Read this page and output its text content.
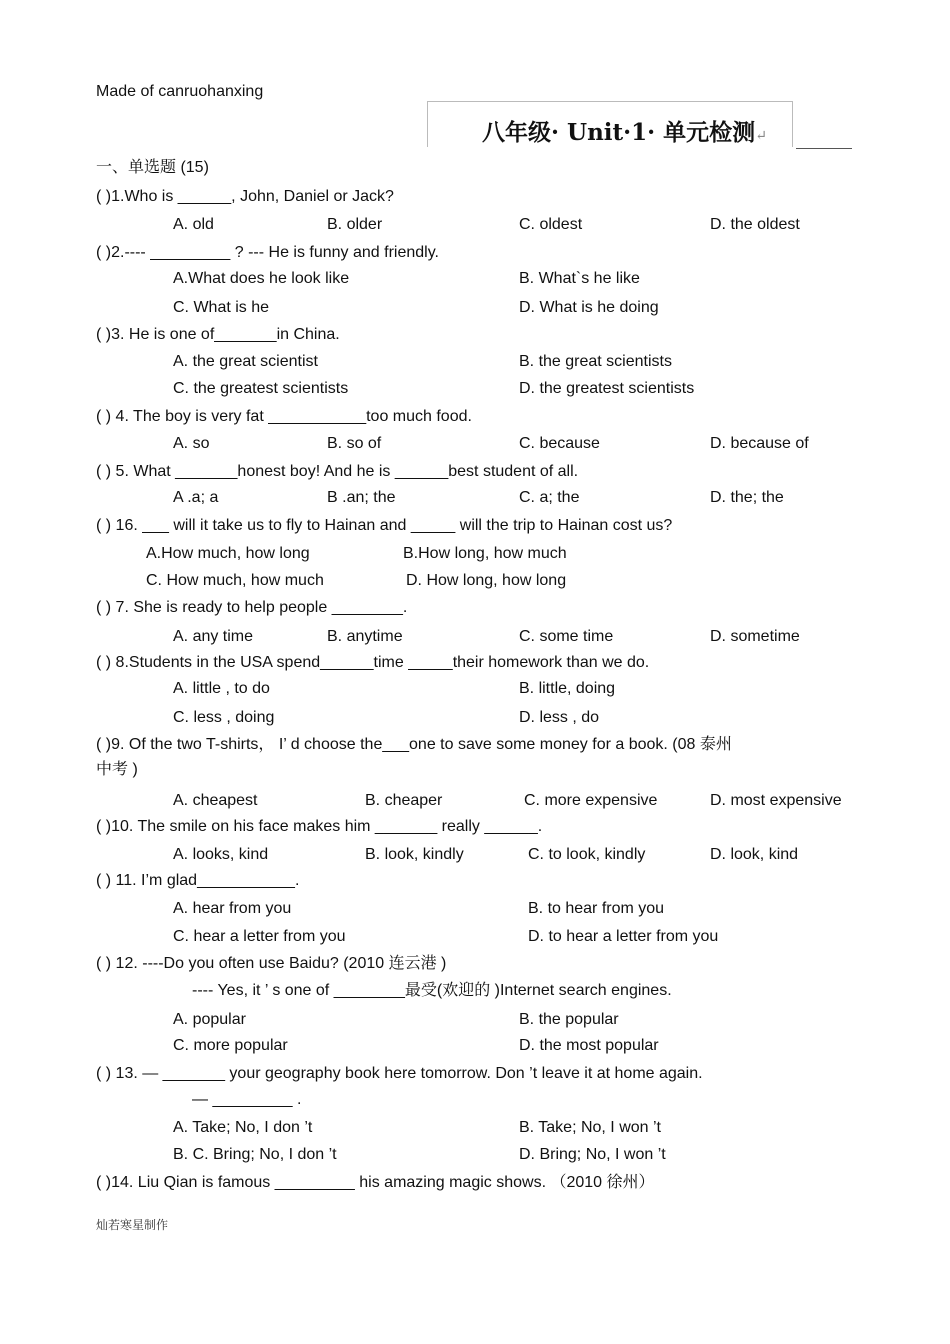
Made of canruohanxing
八年级· Unit·1· 单元检测↵
一、单选题 (15)
( )1.Who is ______, John, Daniel or Jack?
A. old	B. older	C. oldest	D. the oldest
( )2.---- _________ ? --- He is funny and friendly.
A.What does he look like	B. What`s he like
C. What is he	D. What is he doing
( )3. He is one of_______in China.
A. the great scientist	B. the great scientists
C. the greatest scientists	D. the greatest scientists
( ) 4. The boy is very fat ___________too much food.
A. so	B. so of	C. because	D. because of
( ) 5. What _______honest boy! And he is ______best student of all.
A .a; a	B .an; the	C. a; the	D. the; the
( ) 16. ___ will it take us to fly to Hainan and _____ will the trip to Hainan cost us?
A.How much, how long	B.How long, how much
C. How much, how much	D. How long, how long
( ) 7. She is ready to help people ________.
A. any time	B. anytime	C. some time	D. sometime
( ) 8.Students in the USA spend______time _____their homework than we do.
A. little , to do	B. little, doing
C. less , doing	D. less , do
( )9. Of the two T-shirts， I’ d choose the___one to save some money for a book. (08 泰州
中考 )
A. cheapest	B. cheaper	C. more expensive	D. most expensive
( )10. The smile on his face makes him _______ really ______.
A. looks, kind	B. look, kindly	C. to look, kindly	D. look, kind
( ) 11. I’m glad___________.
A. hear from you	B. to hear from you
C. hear a letter from you	D. to hear a letter from you
( ) 12. ----Do you often use Baidu? (2010 连云港 )
---- Yes, it ’ s one of ________最受(欢迎的 )Internet search engines.
A. popular	B. the popular
C. more popular	D. the most popular
( ) 13. — _______ your geography book here tomorrow. Don ’t leave it at home again.
— _________ .
A. Take; No, I don ’t	B. Take; No, I won ’t
B. C. Bring; No, I don ’t	D. Bring; No, I won ’t
( )14. Liu Qian is famous _________ his amazing magic shows. （2010 徐州）
灿若寒星制作
